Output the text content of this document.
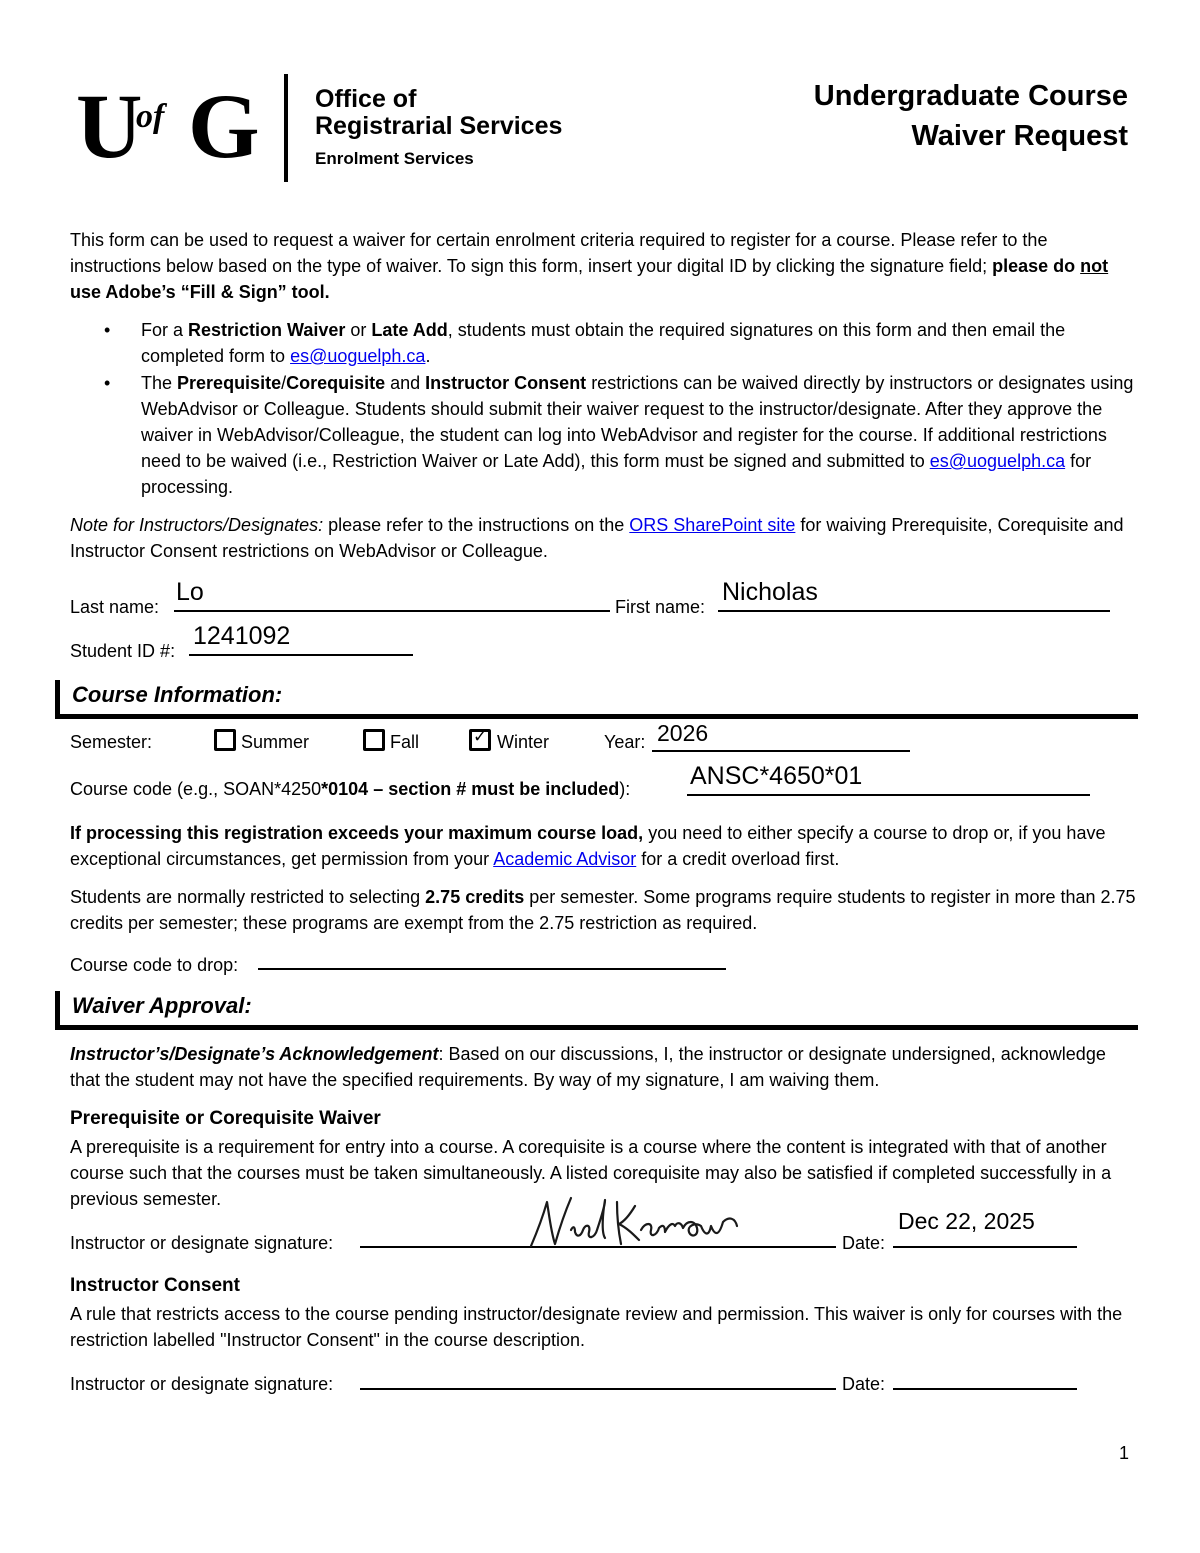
U
of G Office of
Registrarial Services
Enrolment Services
Undergraduate Course
Waiver Request
This form can be used to request a waiver for certain enrolment criteria required to register for a course. Please refer to the instructions below based on the type of waiver. To sign this form, insert your digital ID by clicking the signature field; please do not use Adobe’s “Fill & Sign” tool.
• For a Restriction Waiver or Late Add, students must obtain the required signatures on this form and then email the completed form to es@uoguelph.ca.
• The Prerequisite/Corequisite and Instructor Consent restrictions can be waived directly by instructors or designates using WebAdvisor or Colleague. Students should submit their waiver request to the instructor/designate. After they approve the waiver in WebAdvisor/Colleague, the student can log into WebAdvisor and register for the course. If additional restrictions need to be waived (i.e., Restriction Waiver or Late Add), this form must be signed and submitted to es@uoguelph.ca for processing.
Note for Instructors/Designates: please refer to the instructions on the ORS SharePoint site for waiving Prerequisite, Corequisite and Instructor Consent restrictions on WebAdvisor or Colleague.
Last name:
Lo
First name:
Nicholas
Student ID #:
1241092
Course Information:
Semester:	Summer	Fall	✓ Winter	Year: 2026
Course code (e.g., SOAN*4250*0104 – section # must be included): ANSC*4650*01
If processing this registration exceeds your maximum course load, you need to either specify a course to drop or, if you have exceptional circumstances, get permission from your Academic Advisor for a credit overload first.
Students are normally restricted to selecting 2.75 credits per semester. Some programs require students to register in more than 2.75 credits per semester; these programs are exempt from the 2.75 restriction as required.
Course code to drop:
Waiver Approval:
Instructor’s/Designate’s Acknowledgement: Based on our discussions, I, the instructor or designate undersigned, acknowledge that the student may not have the specified requirements. By way of my signature, I am waiving them.
Prerequisite or Corequisite Waiver
A prerequisite is a requirement for entry into a course. A corequisite is a course where the content is integrated with that of another course such that the courses must be taken simultaneously. A listed corequisite may also be satisfied if completed successfully in a previous semester.
Instructor or designate signature:	Date:
Dec 22, 2025
Instructor Consent
A rule that restricts access to the course pending instructor/designate review and permission. This waiver is only for courses with the restriction labelled "Instructor Consent" in the course description.
Instructor or designate signature:	Date:
1
